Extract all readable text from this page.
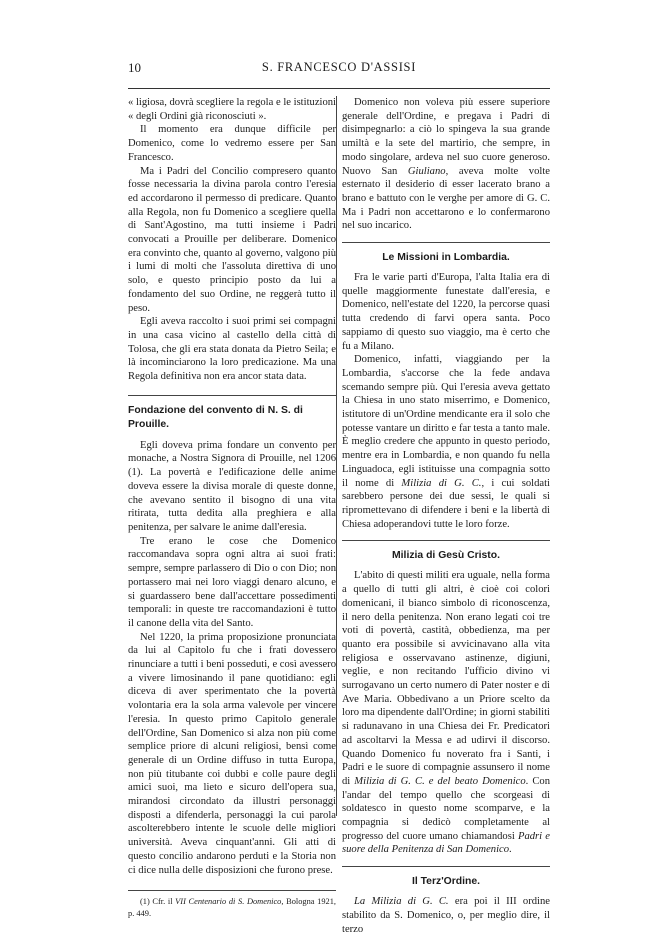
10	S. FRANCESCO D'ASSISI

« ligiosa, dovrà scegliere la regola e le istituzioni « degli Ordini già riconosciuti ».

Il momento era dunque difficile per Domenico, come lo vedremo essere per San Francesco.

Ma i Padri del Concilio compresero quanto fosse necessaria la divina parola contro l'eresia ed accordarono il permesso di predicare. Quanto alla Regola, non fu Domenico a scegliere quella di Sant'Agostino, ma tutti insieme i Padri convocati a Prouille per deliberare. Domenico era convinto che, quanto al governo, valgono più i lumi di molti che l'assoluta direttiva di uno solo, e questo principio posto da lui a fondamento del suo Ordine, ne reggerà tutto il peso.

Egli aveva raccolto i suoi primi sei compagni in una casa vicino al castello della città di Tolosa, che gli era stata donata da Pietro Seila; e là incominciarono la loro predicazione. Ma una Regola definitiva non era ancor stata data.

Fondazione del convento di N. S. di Prouille.

Egli doveva prima fondare un convento per monache, a Nostra Signora di Prouille, nel 1206 (1). La povertà e l'edificazione delle anime doveva essere la divisa morale di queste donne, che avevano sentito il bisogno di una vita ritirata, tutta dedita alla preghiera e alla penitenza, per salvare le anime dall'eresia.

Tre erano le cose che Domenico raccomandava sopra ogni altra ai suoi frati: sempre, sempre parlassero di Dio o con Dio; non portassero mai nei loro viaggi denaro alcuno, e si guardassero bene dall'accettare possedimenti temporali: in queste tre raccomandazioni è tutto il canone della vita del Santo.

Nel 1220, la prima proposizione pronunciata da lui al Capitolo fu che i frati dovessero rinunciare a tutti i beni posseduti, e così avessero a vivere limosinando il pane quotidiano: egli diceva di aver sperimentato che la povertà volontaria era la sola arma valevole per vincere l'eresia. In questo primo Capitolo generale dell'Ordine, San Domenico si alza non più come semplice priore di alcuni religiosi, bensì come generale di un Ordine diffuso in tutta Europa, non più titubante coi dubbi e colle paure degli amici suoi, ma lieto e sicuro dell'opera sua, mirandosi circondato da illustri personaggi disposti a difenderla, personaggi la cui parola ascolterebbero intente le scuole delle migliori università. Aveva cinquant'anni. Gli atti di questo concilio andarono perduti e la Storia non ci dice nulla delle disposizioni che furono prese.

(1) Cfr. il VII Centenario di S. Domenico, Bologna 1921, p. 449.

Domenico non voleva più essere superiore generale dell'Ordine, e pregava i Padri di disimpegnarlo: a ciò lo spingeva la sua grande umiltà e la sete del martirio, che sempre, in modo singolare, ardeva nel suo cuore generoso. Nuovo San Giuliano, aveva molte volte esternato il desiderio di esser lacerato brano a brano e battuto con le verghe per amore di G. C. Ma i Padri non accettarono e lo confermarono nel suo incarico.

Le Missioni in Lombardia.

Fra le varie parti d'Europa, l'alta Italia era di quelle maggiormente funestate dall'eresia, e Domenico, nell'estate del 1220, la percorse quasi tutta credendo di farvi opera santa. Poco sappiamo di questo suo viaggio, ma è certo che fu a Milano.

Domenico, infatti, viaggiando per la Lombardia, s'accorse che la fede andava scemando sempre più. Qui l'eresia aveva gettato la Chiesa in uno stato miserrimo, e Domenico, istitutore di un'Ordine mendicante era il solo che potesse vantare un diritto e far testa a tanto male. È meglio credere che appunto in questo periodo, mentre era in Lombardia, e non quando fu nella Linguadoca, egli istituisse una compagnia sotto il nome di Milizia di G. C., i cui soldati sarebbero persone dei due sessi, le quali si ripromettevano di difendere i beni e la libertà di Chiesa adoperandovi tutte le loro forze.

Milizia di Gesù Cristo.

L'abito di questi militi era uguale, nella forma a quello di tutti gli altri, è cioè coi colori domenicani, il bianco simbolo di riconoscenza, il nero della penitenza. Non erano legati coi tre voti di povertà, castità, obbedienza, ma per quanto era possibile si avvicinavano alla vita religiosa e osservavano astinenze, digiuni, veglie, e non recitando l'ufficio divino vi surrogavano un certo numero di Pater noster e di Ave Maria. Obbedivano a un Priore scelto da loro ma dipendente dall'Ordine; in giorni stabiliti si radunavano in una Chiesa dei Fr. Predicatori ad ascoltarvi la Messa e ad udirvi il discorso. Quando Domenico fu noverato fra i Santi, i Padri e le suore di compagnie assunsero il nome di Milizia di G. C. e del beato Domenico. Con l'andar del tempo quello che scorgeasi di soldatesco in questo nome scomparve, e la compagnia si dedicò completamente al progresso del cuore umano chiamandosi Padri e suore della Penitenza di San Domenico.

Il Terz'Ordine.

La Milizia di G. C. era poi il III ordine stabilito da S. Domenico, o, per meglio dire, il terzo
